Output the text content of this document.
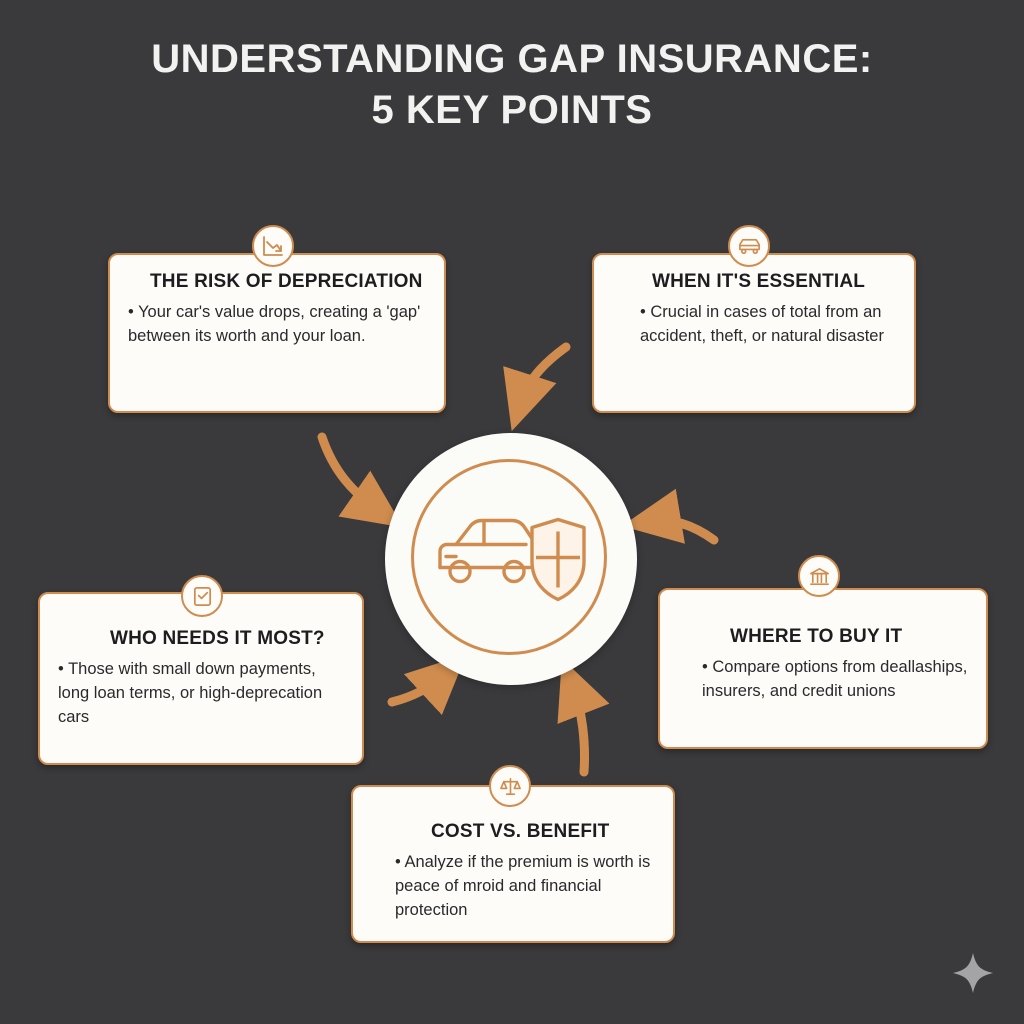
UNDERSTANDING GAP INSURANCE:
5 KEY POINTS
THE RISK OF DEPRECIATION
• Your car's value drops, creating a 'gap' between its worth and your loan.
WHEN IT'S ESSENTIAL
• Crucial in cases of total from an accident, theft, or natural disaster
WHO NEEDS IT MOST?
• Those with small down payments, long loan terms, or high-deprecation cars
WHERE TO BUY IT
• Compare options from deallaships, insurers, and credit unions
COST VS. BENEFIT
• Analyze if the premium is worth is peace of mroid and financial protection
